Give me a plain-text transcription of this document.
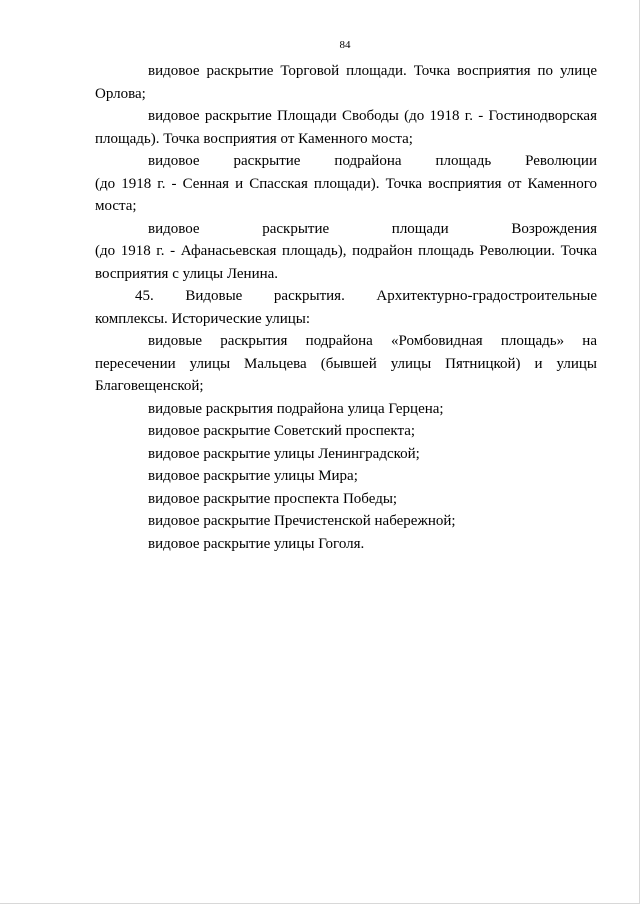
84
видовое раскрытие Торговой площади. Точка восприятия по улице
Орлова;
видовое раскрытие Площади Свободы (до 1918 г. - Гостинодворская
площадь). Точка восприятия от Каменного моста;
видовое раскрытие подрайона площадь Революции
(до 1918 г. - Сенная и Спасская площади). Точка восприятия от Каменного
моста;
видовое раскрытие площади Возрождения
(до 1918 г. - Афанасьевская площадь), подрайон площадь Революции. Точка
восприятия с улицы Ленина.
45. Видовые раскрытия. Архитектурно-градостроительные
комплексы. Исторические улицы:
видовые раскрытия подрайона «Ромбовидная площадь» на
пересечении улицы Мальцева (бывшей улицы Пятницкой) и улицы
Благовещенской;
видовые раскрытия подрайона улица Герцена;
видовое раскрытие Советский проспекта;
видовое раскрытие улицы Ленинградской;
видовое раскрытие улицы Мира;
видовое раскрытие проспекта Победы;
видовое раскрытие Пречистенской набережной;
видовое раскрытие улицы Гоголя.
